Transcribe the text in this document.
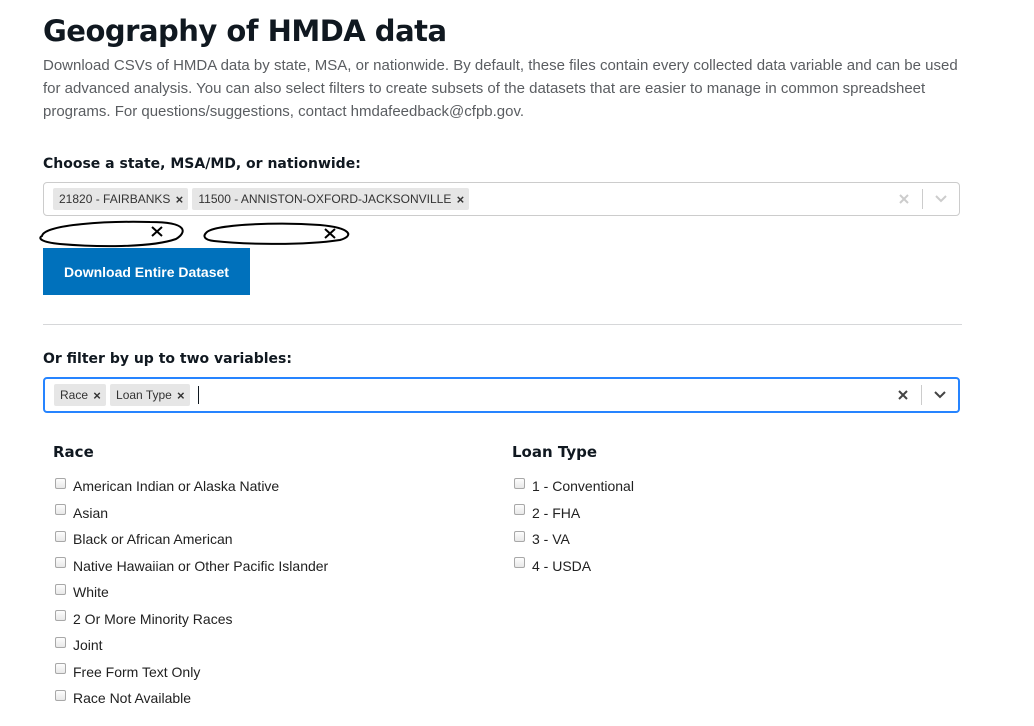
Geography of HMDA data

Download CSVs of HMDA data by state, MSA, or nationwide. By default, these files contain every collected data variable and can be used for advanced analysis. You can also select filters to create subsets of the datasets that are easier to manage in common spreadsheet programs. For questions/suggestions, contact hmdafeedback@cfpb.gov.

Choose a state, MSA/MD, or nationwide:

21820 - FAIRBANKS ×	11500 - ANNISTON-OXFORD-JACKSONVILLE ×
Download Entire Dataset

Or filter by up to two variables:

Race ×	Loan Type ×
Race
American Indian or Alaska Native
Asian
Black or African American
Native Hawaiian or Other Pacific Islander
White
2 Or More Minority Races
Joint
Free Form Text Only
Race Not Available
Loan Type
1 - Conventional
2 - FHA
3 - VA
4 - USDA
